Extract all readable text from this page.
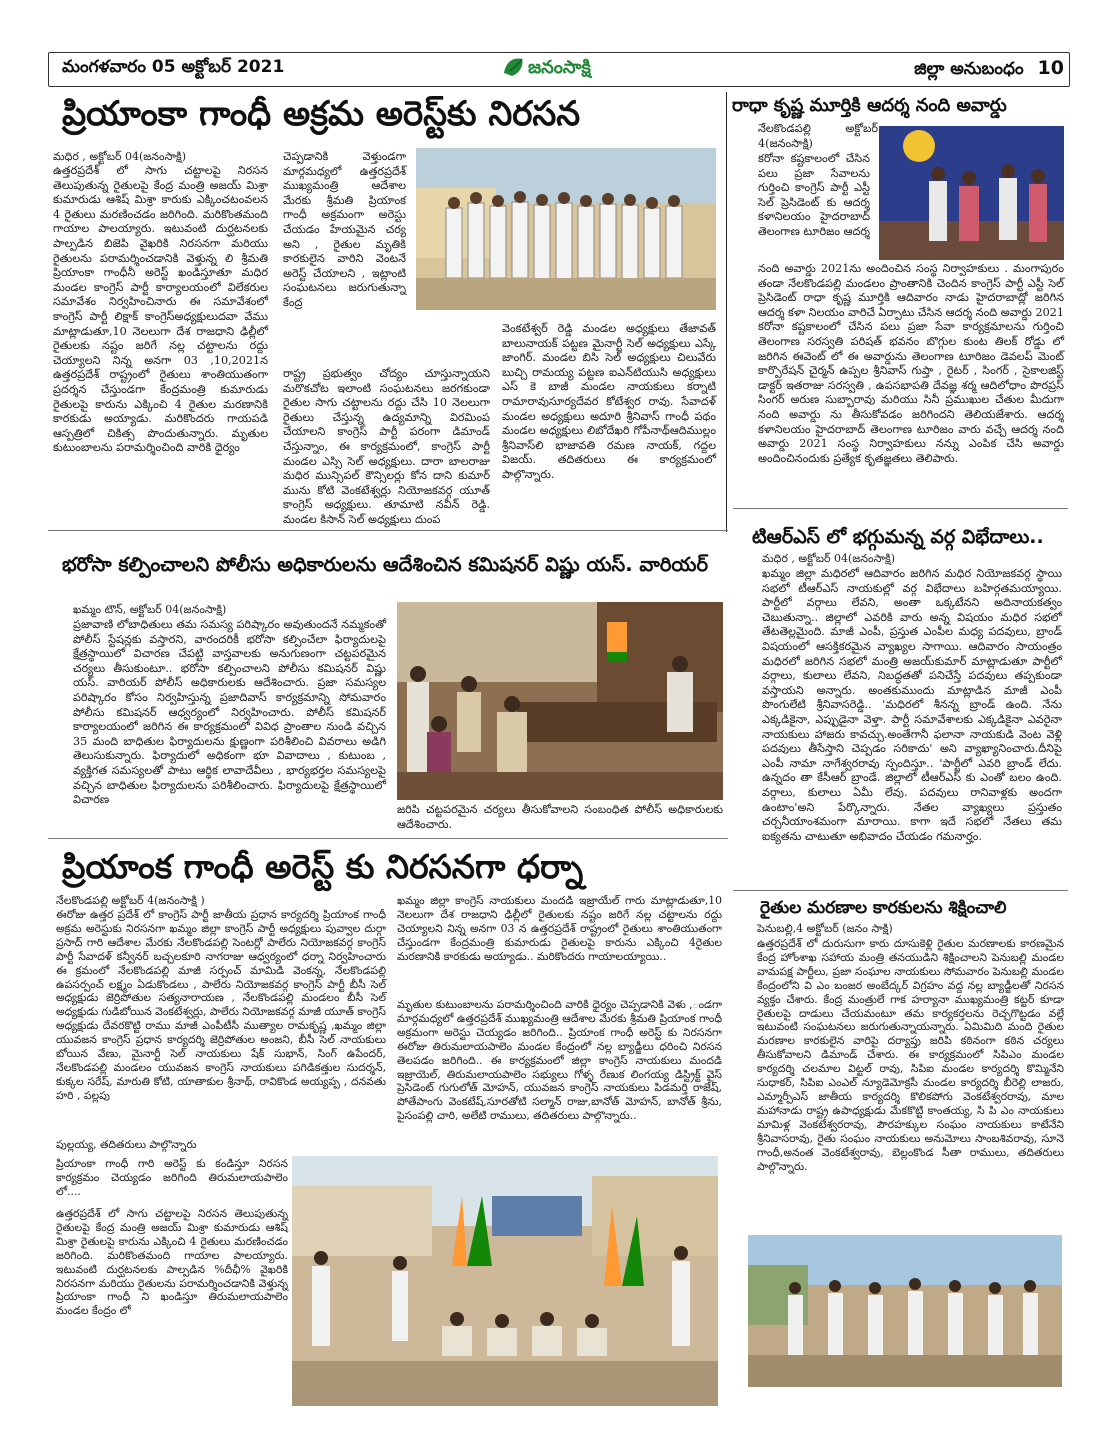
మంగళవారం 05 అక్టోబర్ 2021	జనంసాక్షి	జిల్లా అనుబంధం 10
ప్రియాంకా గాంధీ అక్రమ అరెస్ట్‌కు నిరసన
మధిర , అక్టోబర్ 04(జనంసాక్షి)
ఉత్తరప్రదేశ్ లో సాగు చట్టాలపై నిరసన తెలుపుతున్న రైతులపై కేంద్ర మంత్రి అజయ్ మిశ్రా కుమారుడు ఆశిష్ మిశ్రా కారుకు ఎక్కించటంవలన 4 రైతులు మరణించడం జరిగింది. మరికొంతమంది గాయాల పాలయ్యారు. ఇటువంటి దుర్ఘటనలకు పాల్పడిన బిజెపి వైఖరికి నిరసనగా మరియు రైతులను పరామర్శించడానికి వెళ్తున్న లి శ్రీమతి ప్రియాంకా గాంధీనీ అరెస్ట్ ఖండిస్తూతూ మధిర మండల కాంగ్రెస్ పార్టీ కార్యాలయంలో విలేకరుల సమావేశం నిర్వహించినారు ఈ సమావేశంలో కాంగ్రెస్ పార్టీ లిక్షాక్ కాంగ్రెస్అధ్యక్షులుదవా వేము మాట్లాడుతూ,10 నెలలుగా దేశ రాజధాని ఢిల్లీలో రైతులకు నష్టం జరిగే నల్ల చట్టాలను రద్దు చెయ్యాలని నిన్న అనగా 03 ,10,2021న ఉత్తరప్రదేశ్ రాష్ట్రంలో రైతులు శాంతియుతంగా ప్రదర్శన చేస్తుండగా కేంద్రమంత్రి కుమారుడు రైతులపై కారును ఎక్కించి 4 రైతుల మరణానికి కారకుడు అయ్యాడు. మరికొందరు గాయపడి ఆస్పత్రిలో చికిత్స పొందుతున్నారు. మృతుల కుటుంబాలను పరామర్శించింది వారికి ధైర్యం
చెప్పడానికి వెళ్తుండగా మార్గమధ్యలో ఉత్తరప్రదేశ్ ముఖ్యమంత్రి ఆదేశాల మేరకు శ్రీమతి ప్రియాంక గాంధీ అక్రమంగా అరెస్టు చేయడం హేయమైన చర్య అని , రైతుల మృతికి కారకులైన వారిని వెంటనే అరెస్ట్ చేయాలని , ఇట్లాంటి సంఘటనలు జరుగుతున్నా కేంద్ర
రాష్ట్ర ప్రభుత్వం చోద్యం చూస్తున్నాయని మరొకచోట ఇలాంటి సంఘటనలు జరగకుండా రైతుల సాగు చట్టాలను రద్దు చేసి 10 నెలలుగా రైతులు చేస్తున్న ఉద్యమాన్ని విరమింప చేయాలని కాంగ్రెస్ పార్టీ పరంగా డిమాండ్ చేస్తున్నాం, ఈ కార్యక్రమంలో, కాంగ్రెస్ పార్టీ మండల ఎస్సి సెల్ అధ్యక్షులు. దారా బాలరాజు మధిర మున్సిపల్ కౌన్సిలర్లు కోన దాని కుమార్ మును కోటి వెంకటేశ్వర్లు నియోజకవర్గ యూత్ కాంగ్రెస్ అధ్యక్షులు. తూమాటి నవీన్ రెడ్డి. మండల కిసాన్ సెల్ అధ్యక్షులు దుంప
వెంకటేశ్వర్ రెడ్డి మండల అధ్యక్షులు తేజావత్ బాలునాయక్ పట్టణ మైనార్టీ సెల్ అధ్యక్షులు ఎస్కే జాంగిర్. మండల బిసి సెల్ అధ్యక్షులు చిలువేరు బుచ్చి రామయ్య పట్టణ ఐఎన్‌టియుసి అధ్యక్షులు ఎస్ కె బాజీ మండల నాయకులు కర్నాటి రామారావుసూర్యదేవర కోటేశ్వర రావు. సేవాదళ్ మండల అధ్యక్షులు అదూరి శ్రీనివాస్ గాంధీ పథం మండల అధ్యక్షులు లిబోదేఖరి గోపీనాథ్ఆదిముల్లం శ్రీనివాస్‌లి భాజావతి రమణ నాయక్, గద్దల విజయ్. తదితరులు ఈ కార్యక్రమంలో పాల్గొన్నారు.
రాధా కృష్ణ మూర్తికి ఆదర్శ నంది అవార్డు
నేలకొండపల్లి అక్టోబర్ 4(జనంసాక్షి)
కరోనా కష్టకాలంలో చేసిన పలు ప్రజా సేవాలను గుర్తించి కాంగ్రెస్ పార్టీ ఎస్టీ సెల్ ప్రెసిడెంట్ కు ఆదర్శ కళానిలయం హైదరాబాద్ తెలంగాణ టూరిజం ఆదర్శ
నంది అవార్డు 2021ను అందించిన సంస్థ నిర్వాహకులు . మంగాపురం తండా నేలకొండపల్లి మండలం ప్రాంతానికి చెందిన కాంగ్రెస్ పార్టీ ఎస్టీ సెల్ ప్రెసిడెంట్ రాధా కృష్ణ మూర్తికి ఆదివారం నాడు హైదరాబాద్లో జరిగిన ఆదర్శ కళా నిలయం వారిచే ఏర్పాటు చేసిన ఆదర్శ నంది అవార్డు 2021 కరోనా కష్టకాలంలో చేసిన పలు ప్రజా సేవా కార్యక్రమాలను గుర్తించి తెలంగాణ సరస్వతి పరిషత్ భవనం బొగ్గుల కుంట తిలక్ రోడ్డు లో జరిగిన ఈవెంట్ లో ఈ అవార్డును తెలంగాణ టూరిజం డెవలప్ మెంట్ కార్పొరేషన్ చైర్మన్ ఉప్పల శ్రీనివాస్ గుప్తా , రైటర్ , సింగర్ , సైకాలజిస్ట్ డాక్టర్ ఇతరాజు సరస్వతి , ఉపసభాపతి దేవజ్ఞ శర్మ ఆదిలోధాం పొరప్రస్ సింగర్ అరుణ సుబ్బారావు మరియు సినీ ప్రముఖుల చేతుల మీదుగా నంది అవార్డు ను తీసుకోవడం జరిగిందని తెలియజేశారు. ఆదర్శ కళానిలయం హైదరాబాద్ తెలంగాణ టూరిజం వారు వచ్చే ఆదర్శ నంది అవార్డు 2021 సంస్థ నిర్వాహకులు నన్ను ఎంపిక చేసి అవార్డు అందించినందుకు ప్రత్యేక కృతజ్ఞతలు తెలిపారు.
టిఆర్ఎస్ లో భగ్గుమన్న వర్గ విభేదాలు..
మధిర , అక్టోబర్ 04(జనంసాక్షి)
ఖమ్మం జిల్లా మధిరలో ఆదివారం జరిగిన మధిర నియోజకవర్గ స్థాయి సభలో టీఆర్ఎస్ నాయకుల్లో వర్గ విభేదాలు బహిర్గతమయ్యాయి. పార్టీలో వర్గాలు లేవని, అంతా ఒక్కటేనని అదినాయకత్వం చెబుతున్నా.. జిల్లాలో ఎవరికి వారు అన్న విషయం మధిర సభలో తేటతెల్లమైంది. మాజీ ఎంపీ, ప్రస్తుత ఎంపీల మధ్య పదవులు, బ్రాండ్ విషయంలో ఆసక్తికరమైన వ్యాఖ్యల సాగాయి. ఆదివారం సాయంత్రం మధిరలో జరిగిన సభలో మంత్రి అజయ్‌కుమార్ మాట్లాడుతూ పార్టీలో వర్గాలు, కులాలు లేవని, నిబద్ధతతో పనిచేస్తే పదవులు తప్పకుండా వస్తాయని అన్నారు. అంతకుముందు మాట్లాడిన మాజీ ఎంపీ పొంగులేటి శ్రీనివాస‌రెడ్డి.. 'మధిరలో శీనన్న బ్రాండ్ ఉంది. నేను ఎక్కడికైనా, ఎప్పుడైనా వెళ్తా. పార్టీ సమావేశాలకు ఎక్కడికైనా ఎవరైనా నాయకులు హాజరు కావచ్చు.అంతేగానీ ఫలానా నాయకుడి వెంట వెళ్లి పదవులు తీసేస్తాని చెప్పడం సరికాదు' అని వ్యాఖ్యానించారు.దీనిపై ఎంపీ నామా నాగేశ్వరరావు స్పందిస్తూ.. 'పార్టీలో ఎవరి బ్రాండ్ లేదు. ఉన్నదం తా కేసీఆర్ బ్రాండే. జిల్లాలో టీఆర్ఎస్ కు ఎంతో బలం ఉంది. వర్గాలు, కులాలు ఏమీ లేవు. పదవులు రానివాళ్లకు అందగా ఉంటాం'అని పేర్కొన్నారు. నేతల వ్యాఖ్యలు ప్రస్తుతం చర్చనీయాంశమంగా మారాయి. కాగా ఇదే సభలో నేతలు తమ ఐక్యతను చాటుతూ అభివాదం చేయడం గమనార్హం.
భరోసా కల్పించాలని పోలీసు అధికారులను ఆదేశించిన కమిషనర్ విష్ణు యస్. వారియర్
ఖమ్మం టౌన్, అక్టోబర్ 04(జనంసాక్షి)
ప్రజావాణి లోబాధితులు తమ సమస్య పరిష్కారం అవుతుందనే నమ్మకంతో పోలీస్ స్టేషన్లకు వస్తారని, వారందరికీ భరోసా కల్పించేలా ఫిర్యాదులపై క్షేత్రస్థాయిలో విచారణ చేపట్టి వాస్తవాలకు అనుగుణంగా చట్టపరమైన చర్యలు తీసుకుంటూ.. భరోసా కల్పించాలని పోలీసు కమిషనర్ విష్ణు యస్. వారియర్ పోలీస్ అధికారులకు ఆదేశించారు. ప్రజా సమస్యల పరిష్కారం కోసం నిర్వహిస్తున్న ప్రజాదివాస్ కార్యక్రమాన్ని సోమవారం పోలీసు కమిషనర్ ఆధ్వర్యంలో నిర్వహించారు. పోలీస్ కమిషనర్ కార్యాలయంలో జరిగిన ఈ కార్యక్రమంలో వివిధ ప్రాంతాల నుండి వచ్చిన 35 మంది బాధితుల ఫిర్యాదులను క్షుణ్ణంగా పరిశీలించి వివరాలు అడిగి తెలుసుకున్నారు. ఫిర్యాదులో అధికంగా భూ వివాదాలు , కుటుంబ , వ్యక్తిగత సమస్యలతో పాటు ఆర్థిక లావాదేవీలు , భార్యభర్తల సమస్యలపై వచ్చిన బాధితుల ఫిర్యాదులను పరిశీలించారు. ఫిర్యాదులపై క్షేత్రస్థాయిలో విచారణ
జరిపి చట్టపరమైన చర్యలు తీసుకోవాలని సంబంధిత పోలీస్ అధికారులకు ఆదేశించారు.
ప్రియాంక గాంధీ అరెస్ట్ కు నిరసనగా ధర్నా
నేలకొండపల్లి అక్టోబర్ 4(జనంసాక్షి )
ఈరోజు ఉత్తర ప్రదేశ్ లో కాంగ్రెస్ పార్టీ జాతీయ ప్రధాన కార్యదర్శి ప్రియాంక గాంధీ అక్రమ అరెస్టుకు నిరసనగా ఖమ్మం జిల్లా కాంగ్రెస్ పార్టీ అధ్యక్షులు పువ్వాల దుర్గా ప్రసాద్ గారి ఆదేశాల మేరకు నేలకొండపల్లి సెంటర్లో పాలేరు నియోజకవర్గ కాంగ్రెస్ పార్టీ సేవాదళ్ కన్వీనర్ బచ్చలకూరి నాగరాజు ఆధ్వర్యంలో ధర్నా నిర్వహించారు ఈ క్రమంలో నేలకొండపల్లి మాజీ సర్పంచ్ మామిడి వెంకన్న, నేలకొండపల్లి ఉపసర్పంచ్ లక్ష్మం ఏడుకొండలు , పాలేరు నియోజకవర్గ కాంగ్రెస్ పార్టీ బీసీ సెల్ అధ్యక్షుడు జెర్రిపోతుల సత్యనారాయణ , నేలకొండపల్లి మండలం బీసీ సెల్ అధ్యక్షుడు గుడిబోయిన వెంకటేశ్వర్లు, పాలేరు నియోజకవర్గ మాజీ యూత్ కాంగ్రెస్ అధ్యక్షుడు దేవరకొట్టి రాము మాజీ ఎంపీటీసీ ముత్యాల రామకృష్ణ ,ఖమ్మం జిల్లా యువజన కాంగ్రెస్ ప్రధాన కార్యదర్శి జెర్రిపోతుల అంజని, బీసీ సెల్ నాయకులు బోయిన వేణు, మైనార్టీ సెల్ నాయకులు షేక్ సుభాన్, సింగ్ ఉపేందర్, నేలకొండపల్లి మండలం యువజన కాంగ్రెస్ నాయకులు పగిడికత్తుల సుదర్శన్, కుక్కల సరేష్, మారుతి కోటి, యాతాకుల శ్రీనాథ్, రావికొండ అయ్యప్ప , దనవతు హరి , పల్లపు
పుల్లయ్య, తదితరులు పాల్గొన్నారు
ఖమ్మం జిల్లా కాంగ్రెస్ నాయకులు మందడి ఇజ్రాయేల్ గారు మాట్లాడుతూ,10 నెలలుగా దేశ రాజధాని ఢిల్లీలో రైతులకు నష్టం జరిగే నల్ల చట్టాలను రద్దు చెయ్యాలని నిన్న అనగా 03 న ఉత్తరప్రదేశ్ రాష్ట్రంలో రైతులు శాంతియుతంగా చేస్తుండగా కేంద్రమంత్రి కుమారుడు రైతులపై కారును ఎక్కించి 4రైతుల మరణానికి కారకుడు అయ్యాడు.. మరికొందరు గాయాలయ్యాయి..
మృతుల కుటుంబాలను పరామర్శించింది వారికి ధైర్యం చెప్పడానికి వెళు ,ండగా మార్గమధ్యలో ఉత్తరప్రదేశ్ ముఖ్యమంత్రి ఆదేశాల మేరకు శ్రీమతి ప్రియాంక గాంధీ అక్రమంగా అరెస్టు చెయ్యడం జరిగింది.. ప్రియాంక గాంధీ అరెస్ట్ కు నిరసనగా ఈరోజు తిరుమలాయపాలెం మండల కేంద్రంలో నల్ల బ్యాడ్జీలు ధరించి నిరసన తెలపడం జరిగింది.. ఈ కార్యక్రమంలో జిల్లా కాంగ్రెస్ నాయకులు మందడి ఇజ్రాయెల్, తిరుమలాయపాలెం సభ్యులు గోళ్ళ రేణుక లింగయ్య డిస్ట్రిక్ట్ వైస్ ప్రెసిడెంట్ గుగులోత్ మోహన్, యువజన కాంగ్రెస్ నాయకులు పిడమర్తి రాజేష్, పోతేపాంగు వెంకటేష్,సూరతోటి సల్మాన్ రాజు,బానోత్ మోహన్, బానోత్ శ్రీను, పైసంపల్లి చారి, అలేటి రాములు, తదితరులు పాల్గొన్నారు..
ప్రియాంకా గాంధీ గారి అరెస్ట్ కు కండిస్తూ నిరసన కార్యక్రమం చెయ్యడం జరిగింది తిరుమలాయపాలెం లో....
ఉత్తరప్రదేశ్ లో సాగు చట్టాలపై నిరసన తెలుపుతున్న రైతులపై కేంద్ర మంత్రి అజయ్ మిశ్రా కుమారుడు ఆశిష్ మిశ్రా రైతులపై కారును ఎక్కించి 4 రైతులు మరణించడం జరిగింది. మరికొంతమంది గాయాల పాలయ్యారు. ఇటువంటి దుర్ఘటనలకు పాల్పడిన %దీఛీ% వైఖరికి నిరసనగా మరియు రైతులను పరామర్శించడానికి వెళ్తున్న ప్రియాంకా గాంధీ ని ఖండిస్తూ తిరుమలాయపాలెం మండల కేంద్రం లో
రైతుల మరణాల కారకులను శిక్షించాలి
పెనుబల్లి,4 అక్టోబర్ (జనం సాక్షి)
ఉత్తరప్రదేశ్ లో దురుసుగా కారు దూసుకెళ్లి రైతుల మరణాలకు కారణమైన కేంద్ర హోంశాఖ సహాయ మంత్రి తనయుడిని శిక్షించాలని పెనుబల్లి మండల వామపక్ష పార్టీలు, ప్రజా సంఘాల నాయకులు సోమవారం పెనుబల్లి మండల కేంద్రంలోని వి ఎం బంజర అంబేద్కర్ విగ్రహం వద్ద నల్ల బ్యాడ్జీలతో నిరసన వ్యక్తం చేశారు. కేంద్ర మంత్రులే గాక హర్యానా ముఖ్యమంత్రి కట్టర్ కూడా రైతులపై దాడులు చేయమంటూ తమ కార్యకర్తలను రెచ్చగొట్టడం వల్లే ఇటువంటి సంఘటనలు జరుగుతున్నాయన్నారు. ఏమిమిది మంది రైతుల మరణాల కారకులైన వారిపై దర్యాప్తు జరిపి కఠినంగా కఠిన చర్యలు తీసుకోవాలని డిమాండ్ చేశారు. ఈ కార్యక్రమంలో సిపిఎం మండల కార్యదర్శి చలమాల విట్టల్ రావు, సిపిఐ మండల కార్యదర్శి కొమ్మినేని సుధాకర్, సిపిఐ ఎంఎల్ న్యూడెమోక్రసీ మండల కార్యదర్శి బీరెల్లి లాజరు, ఎమ్మార్పీఎస్ జాతీయ కార్యదర్శి కొలికపోగు వెంకటేశ్వరరావు, మాల మహానాడు రాష్ట్ర ఉపాధ్యక్షుడు మేకకొట్టి కాంతయ్య, సి పి ఎం నాయకులు మామిళ్ల వెంకటేశ్వరరావు, పౌరహక్కుల సంఘం నాయకులు కాటేనేని శ్రీనివాసరావు, రైతు సంఘం నాయకులు అనుమోలు సాంబశివరావు, సూనె గాంధీ,అనంత వెంకటేశ్వరావు, బెల్లంకొండ సీతా రాములు, తదితరులు పాల్గొన్నారు.
